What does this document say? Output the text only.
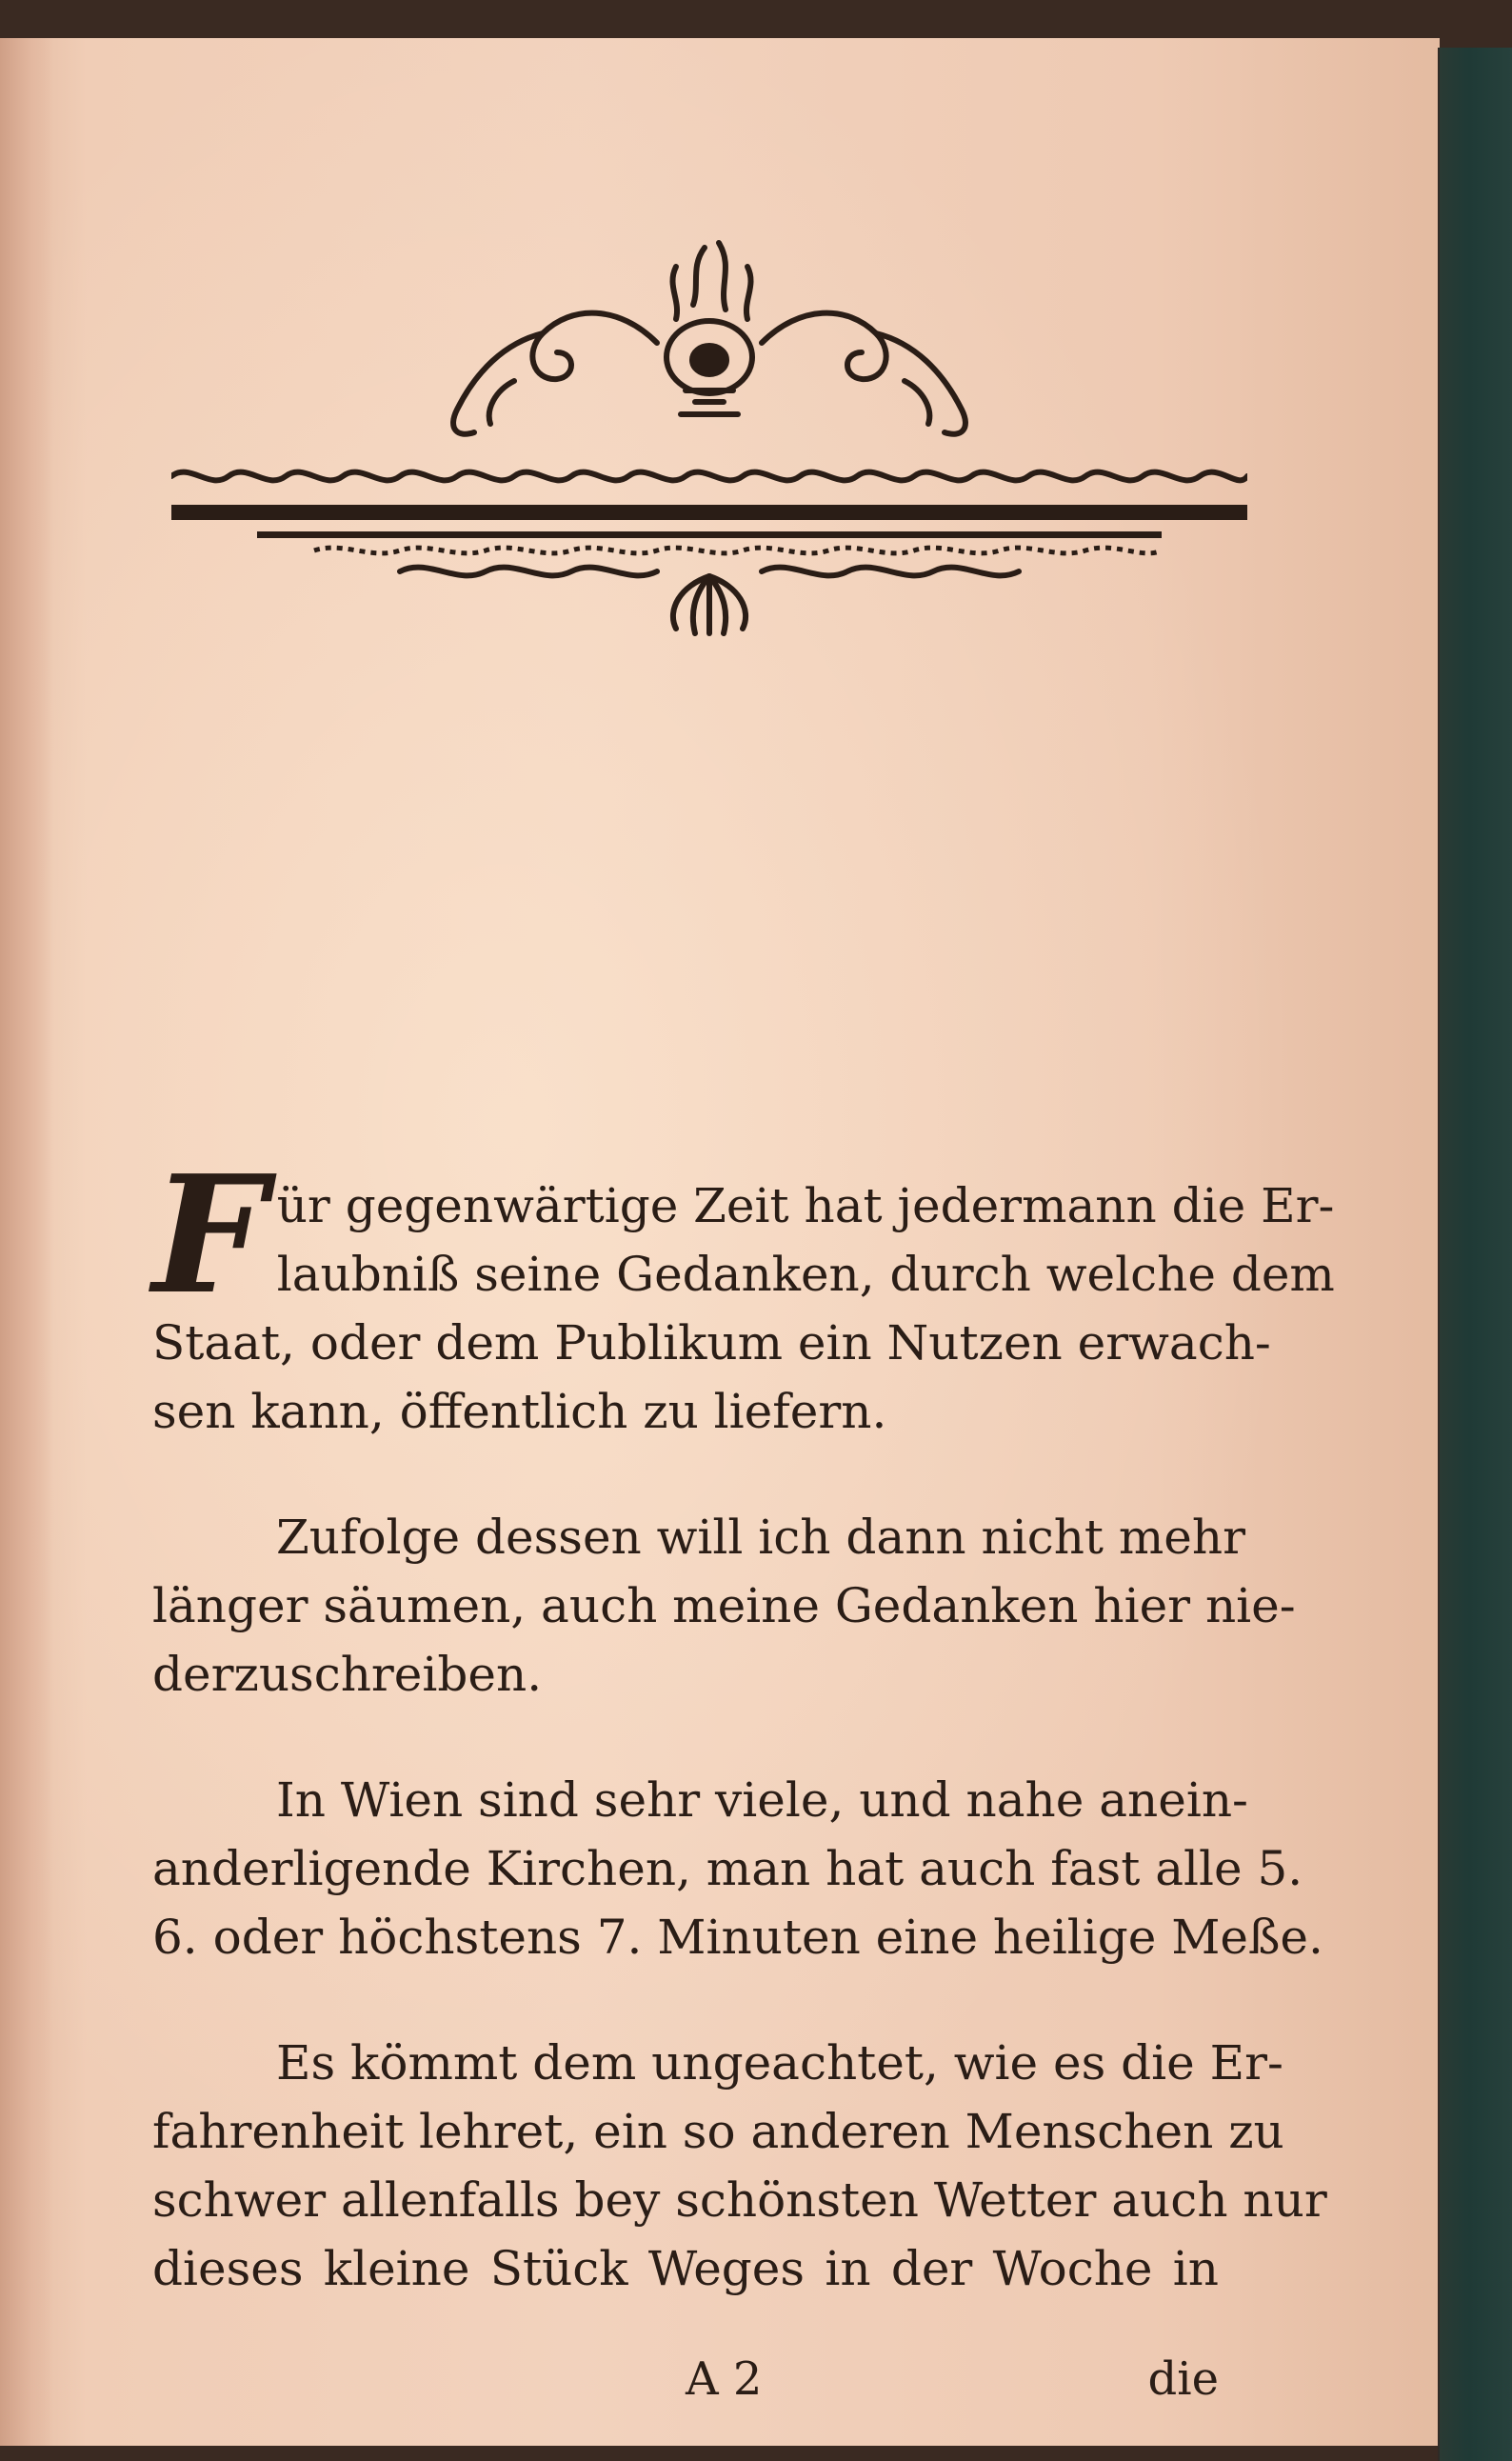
F ür gegenwärtige Zeit hat jedermann die Er-
laubniß seine Gedanken, durch welche dem
Staat, oder dem Publikum ein Nutzen erwach-
sen kann, öffentlich zu liefern.

Zufolge dessen will ich dann nicht mehr
länger säumen, auch meine Gedanken hier nie-
derzuschreiben.

In Wien sind sehr viele, und nahe anein-
anderligende Kirchen, man hat auch fast alle 5.
6. oder höchstens 7. Minuten eine heilige Meße.

Es kömmt dem ungeachtet, wie es die Er-
fahrenheit lehret, ein so anderen Menschen zu
schwer allenfalls bey schönsten Wetter auch nur
dieses kleine Stück Weges in der Woche in

A 2	die
